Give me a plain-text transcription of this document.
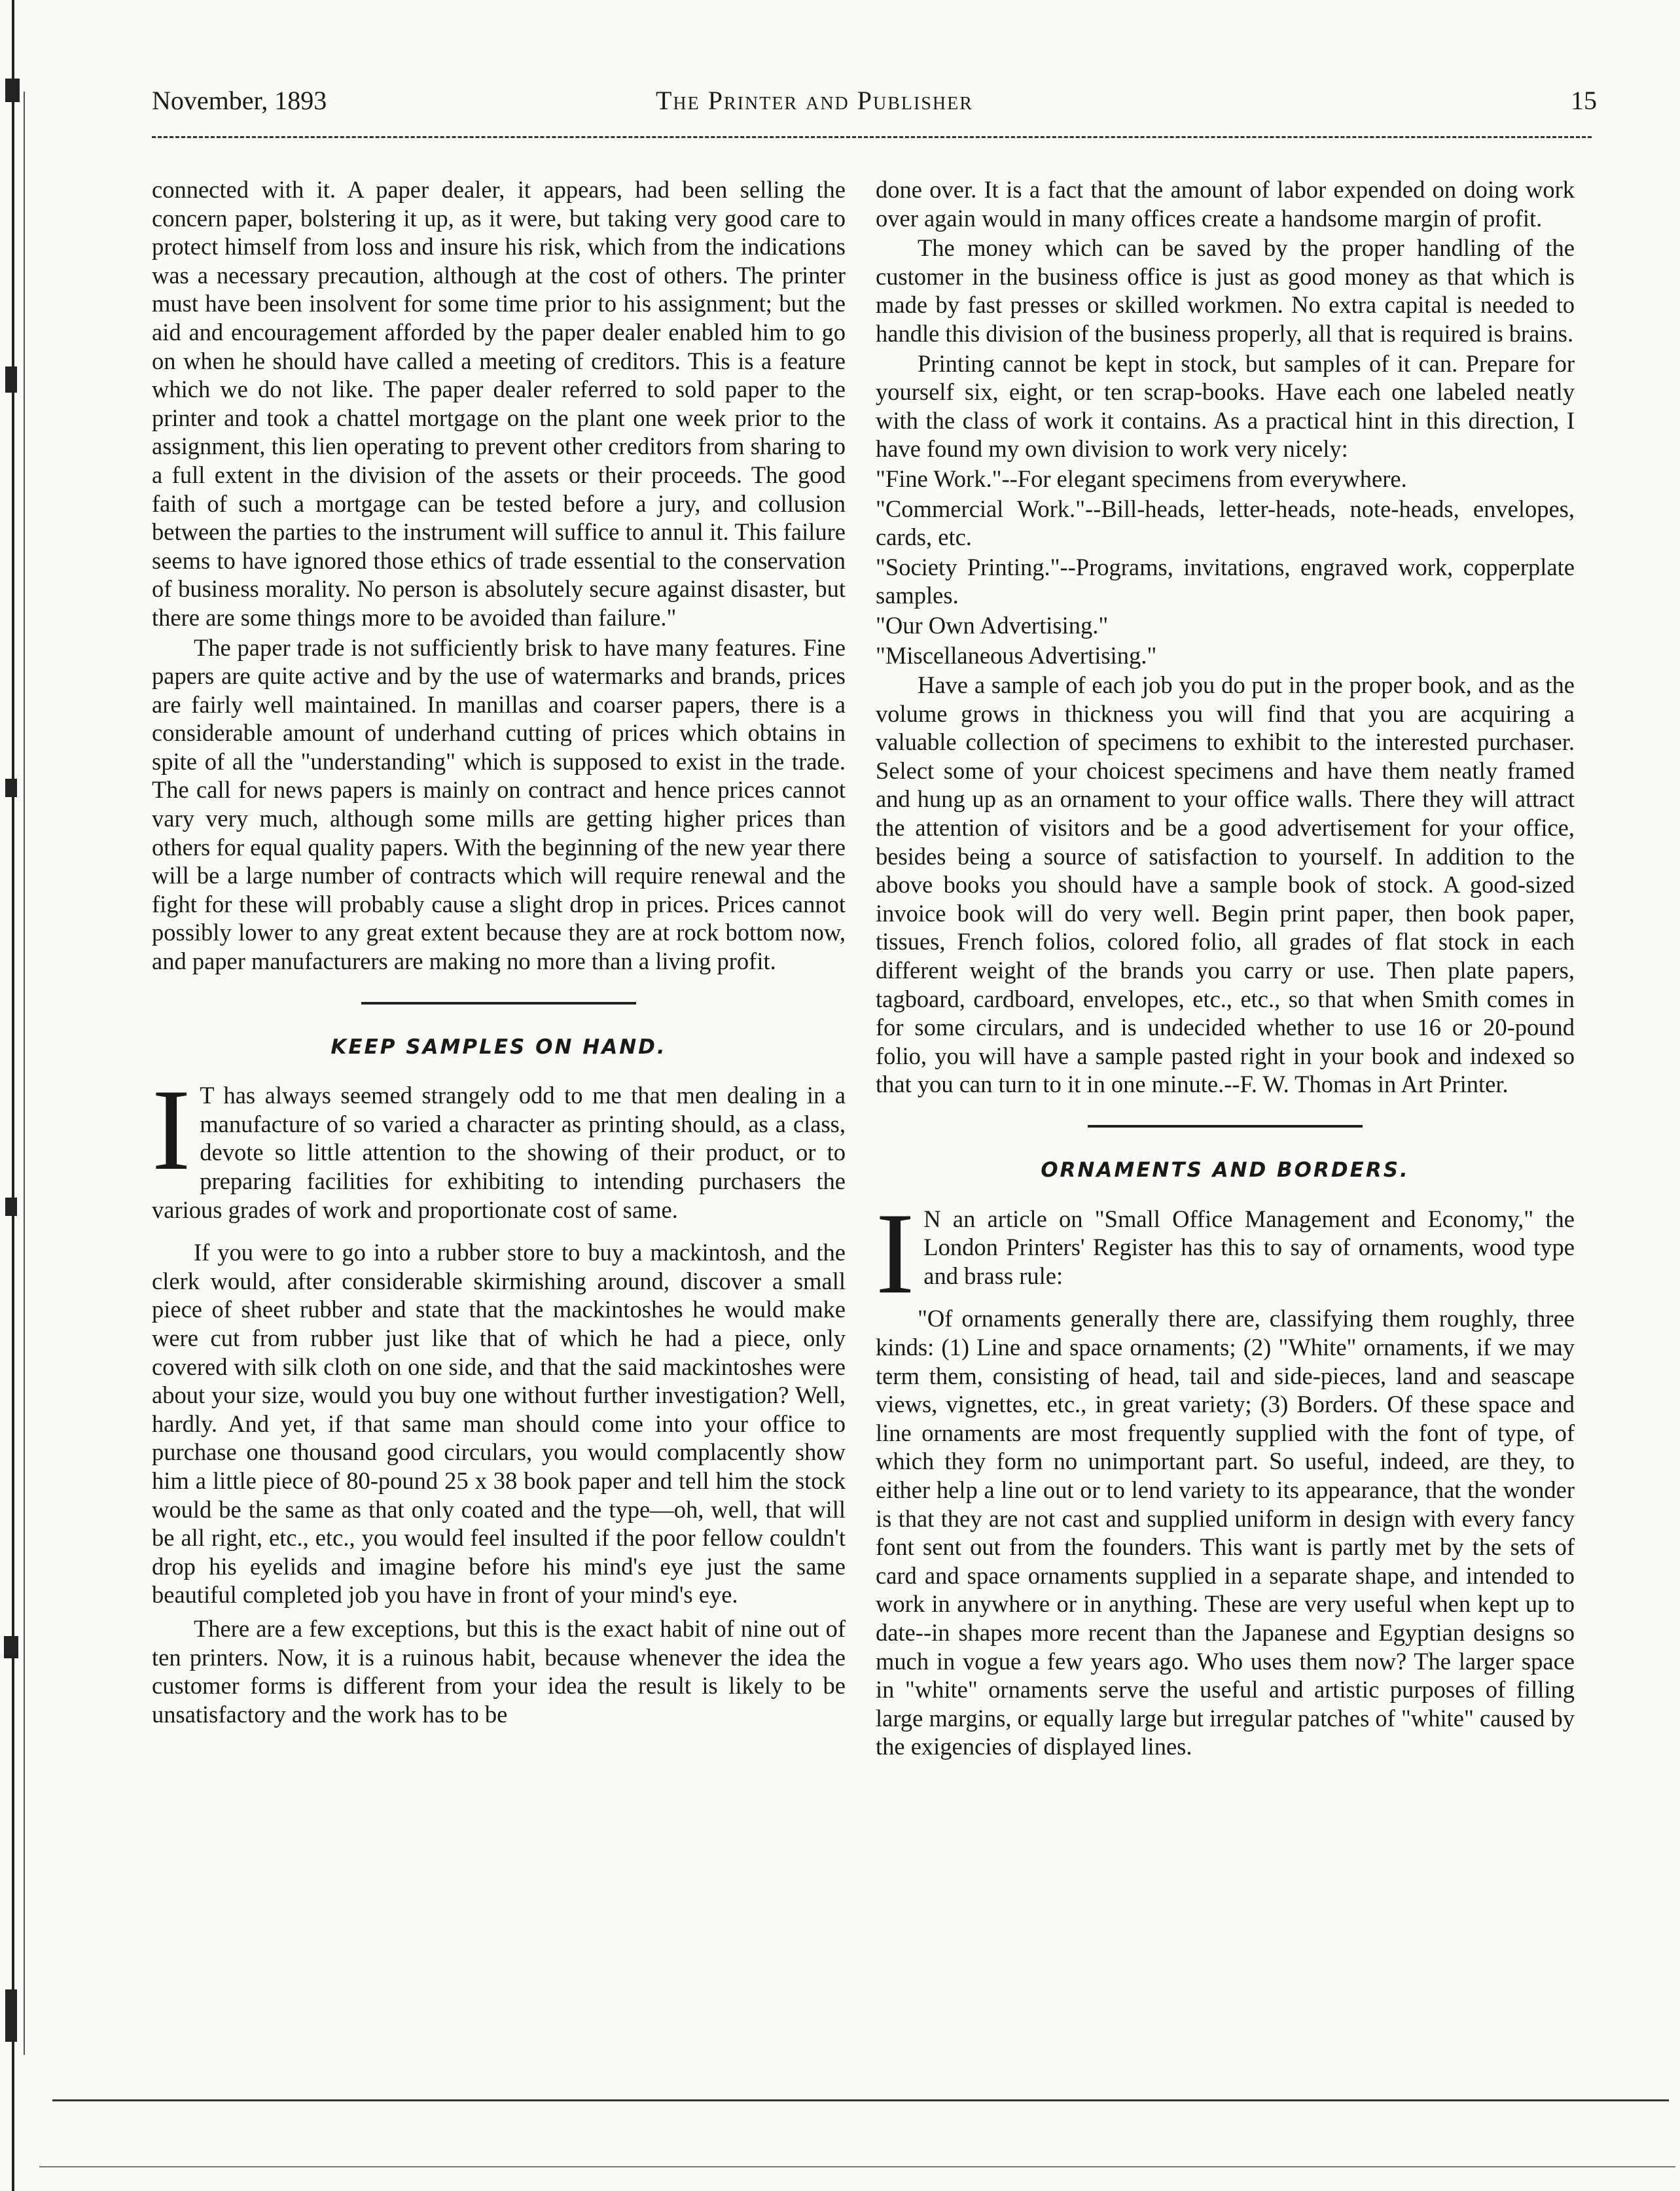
November, 1893	The Printer and Publisher	15

connected with it. A paper dealer, it appears, had been selling the concern paper, bolstering it up, as it were, but taking very good care to protect himself from loss and insure his risk, which from the indications was a necessary precaution, although at the cost of others. The printer must have been insolvent for some time prior to his assignment; but the aid and encouragement afforded by the paper dealer enabled him to go on when he should have called a meeting of creditors. This is a feature which we do not like. The paper dealer referred to sold paper to the printer and took a chattel mortgage on the plant one week prior to the assignment, this lien operating to prevent other creditors from sharing to a full extent in the division of the assets or their proceeds. The good faith of such a mortgage can be tested before a jury, and collusion between the parties to the instrument will suffice to annul it. This failure seems to have ignored those ethics of trade essential to the conservation of business morality. No person is absolutely secure against disaster, but there are some things more to be avoided than failure."

The paper trade is not sufficiently brisk to have many features. Fine papers are quite active and by the use of watermarks and brands, prices are fairly well maintained. In manillas and coarser papers, there is a considerable amount of underhand cutting of prices which obtains in spite of all the "understanding" which is supposed to exist in the trade. The call for news papers is mainly on contract and hence prices cannot vary very much, although some mills are getting higher prices than others for equal quality papers. With the beginning of the new year there will be a large number of contracts which will require renewal and the fight for these will probably cause a slight drop in prices. Prices cannot possibly lower to any great extent because they are at rock bottom now, and paper manufacturers are making no more than a living profit.

KEEP SAMPLES ON HAND.

I T has always seemed strangely odd to me that men dealing in a manufacture of so varied a character as printing should, as a class, devote so little attention to the showing of their product, or to preparing facilities for exhibiting to intending purchasers the various grades of work and proportionate cost of same.

If you were to go into a rubber store to buy a mackintosh, and the clerk would, after considerable skirmishing around, discover a small piece of sheet rubber and state that the mackintoshes he would make were cut from rubber just like that of which he had a piece, only covered with silk cloth on one side, and that the said mackintoshes were about your size, would you buy one without further investigation? Well, hardly. And yet, if that same man should come into your office to purchase one thousand good circulars, you would complacently show him a little piece of 80-pound 25 x 38 book paper and tell him the stock would be the same as that only coated and the type—oh, well, that will be all right, etc., etc., you would feel insulted if the poor fellow couldn't drop his eyelids and imagine before his mind's eye just the same beautiful completed job you have in front of your mind's eye.

There are a few exceptions, but this is the exact habit of nine out of ten printers. Now, it is a ruinous habit, because whenever the idea the customer forms is different from your idea the result is likely to be unsatisfactory and the work has to be

done over. It is a fact that the amount of labor expended on doing work over again would in many offices create a handsome margin of profit.

The money which can be saved by the proper handling of the customer in the business office is just as good money as that which is made by fast presses or skilled workmen. No extra capital is needed to handle this division of the business properly, all that is required is brains.

Printing cannot be kept in stock, but samples of it can. Prepare for yourself six, eight, or ten scrap-books. Have each one labeled neatly with the class of work it contains. As a practical hint in this direction, I have found my own division to work very nicely:

"Fine Work."--For elegant specimens from everywhere.

"Commercial Work."--Bill-heads, letter-heads, note-heads, envelopes, cards, etc.

"Society Printing."--Programs, invitations, engraved work, copperplate samples.

"Our Own Advertising."

"Miscellaneous Advertising."

Have a sample of each job you do put in the proper book, and as the volume grows in thickness you will find that you are acquiring a valuable collection of specimens to exhibit to the interested purchaser. Select some of your choicest specimens and have them neatly framed and hung up as an ornament to your office walls. There they will attract the attention of visitors and be a good advertisement for your office, besides being a source of satisfaction to yourself. In addition to the above books you should have a sample book of stock. A good-sized invoice book will do very well. Begin print paper, then book paper, tissues, French folios, colored folio, all grades of flat stock in each different weight of the brands you carry or use. Then plate papers, tagboard, cardboard, envelopes, etc., etc., so that when Smith comes in for some circulars, and is undecided whether to use 16 or 20-pound folio, you will have a sample pasted right in your book and indexed so that you can turn to it in one minute.--F. W. Thomas in Art Printer.

ORNAMENTS AND BORDERS.

I N an article on "Small Office Management and Economy," the London Printers' Register has this to say of ornaments, wood type and brass rule:

"Of ornaments generally there are, classifying them roughly, three kinds: (1) Line and space ornaments; (2) "White" ornaments, if we may term them, consisting of head, tail and side-pieces, land and seascape views, vignettes, etc., in great variety; (3) Borders. Of these space and line ornaments are most frequently supplied with the font of type, of which they form no unimportant part. So useful, indeed, are they, to either help a line out or to lend variety to its appearance, that the wonder is that they are not cast and supplied uniform in design with every fancy font sent out from the founders. This want is partly met by the sets of card and space ornaments supplied in a separate shape, and intended to work in anywhere or in anything. These are very useful when kept up to date--in shapes more recent than the Japanese and Egyptian designs so much in vogue a few years ago. Who uses them now? The larger space in "white" ornaments serve the useful and artistic purposes of filling large margins, or equally large but irregular patches of "white" caused by the exigencies of displayed lines.
